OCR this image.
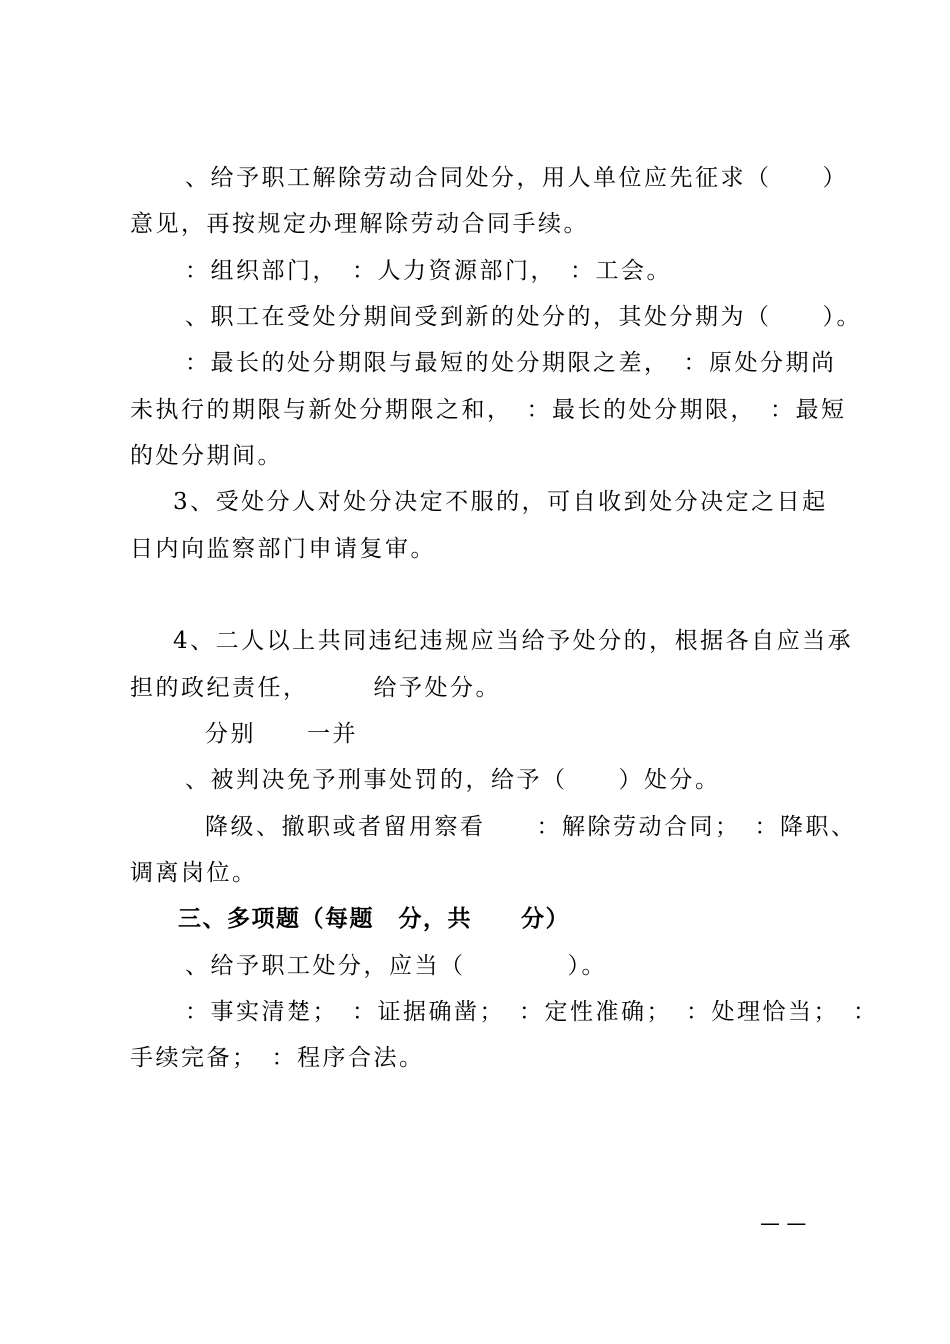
、给予职工解除劳动合同处分，用人单位应先征求（　　）
意见，再按规定办理解除劳动合同手续。
：组织部门，　：人力资源部门，　：工会。
、职工在受处分期间受到新的处分的，其处分期为（　　）。
：最长的处分期限与最短的处分期限之差，　：原处分期尚
未执行的期限与新处分期限之和，　：最长的处分期限，　：最短
的处分期间。
3、受处分人对处分决定不服的，可自收到处分决定之日起
日内向监察部门申请复审。
4、二人以上共同违纪违规应当给予处分的，根据各自应当承
担的政纪责任，　　　给予处分。
分别　　一并
、被判决免予刑事处罚的，给予（　　）处分。
降级、撤职或者留用察看　　：解除劳动合同；　：降职、
调离岗位。
三、多项题（每题　分，共　　分）
、给予职工处分，应当（　　　　）。
：事实清楚；　：证据确凿；　：定性准确；　：处理恰当；　：
手续完备；　：程序合法。
— —
